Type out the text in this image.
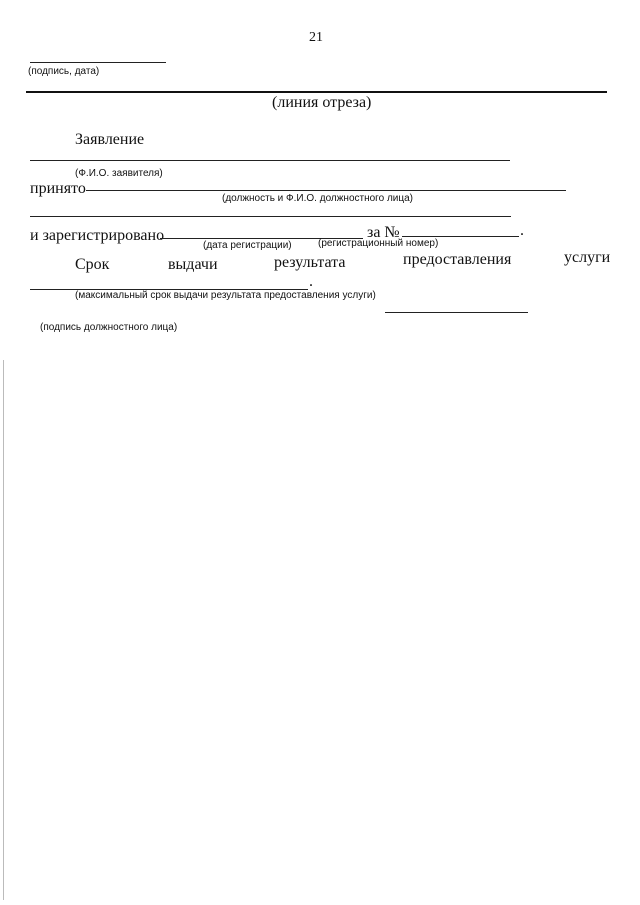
21
(подпись, дата)
(линия отреза)
Заявление
(Ф.И.О. заявителя)
принято
(должность и Ф.И.О. должностного лица)
и зарегистрировано	за №	.
(дата регистрации)	(регистрационный номер)
Срок	выдачи	результата	предоставления	услуги
.
(максимальный срок выдачи результата предоставления услуги)
(подпись должностного лица)
